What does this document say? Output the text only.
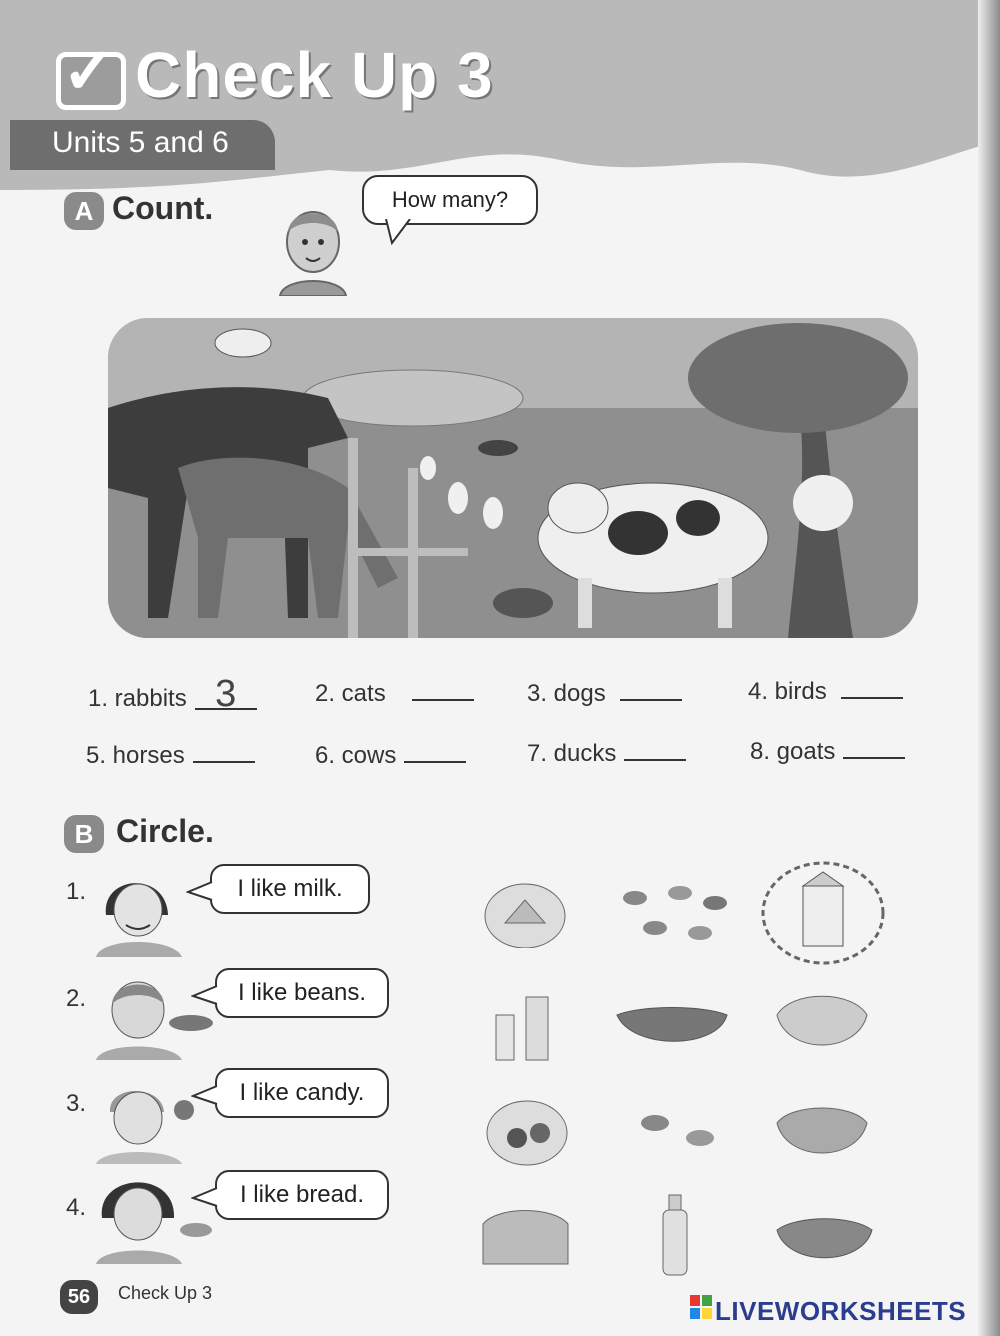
✓ Check Up 3
Units 5 and 6
A Count.	How many?
1. rabbits 3	2. cats	3. dogs	4. birds
5. horses	6. cows	7. ducks	8. goats
B Circle.
1.	I like milk.
2.	I like beans.
3.	I like candy.
4.	I like bread.
56	Check Up 3
LIVEWORKSHEETS
